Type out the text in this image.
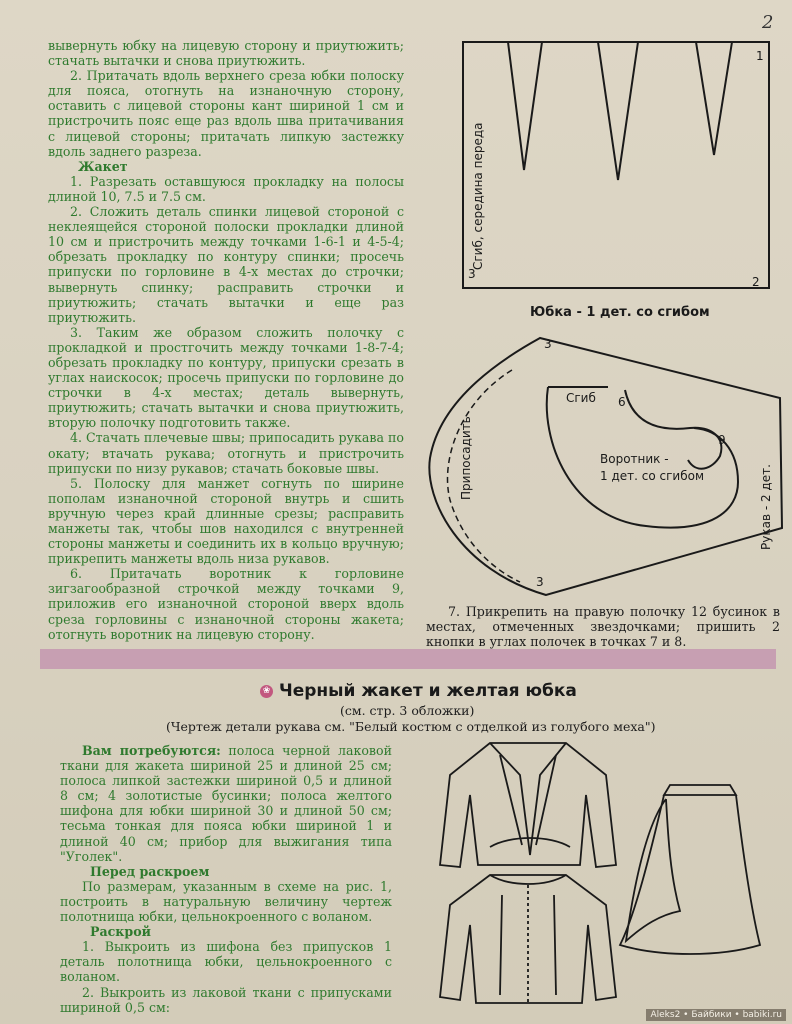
2

вывернуть юбку на лицевую сторону и приутюжить; стачать вытачки и снова приутюжить.

2. Притачать вдоль верхнего среза юбки полоску для пояса, отогнуть на изнаночную сторону, оставить с лицевой стороны кант шириной 1 см и пристрочить пояс еще раз вдоль шва притачивания с лицевой стороны; притачать липкую застежку вдоль заднего разреза.

Жакет

1. Разрезать оставшуюся прокладку на полосы длиной 10, 7.5 и 7.5 см.

2. Сложить деталь спинки лицевой стороной с неклеящейся стороной полоски прокладки длиной 10 см и пристрочить между точками 1-6-1 и 4-5-4; обрезать прокладку по контуру спинки; просечь припуски по горловине в 4-х местах до строчки; вывернуть спинку; расправить строчки и приутюжить; стачать вытачки и еще раз приутюжить.

3. Таким же образом сложить полочку с прокладкой и простгочить между точками 1-8-7-4; обрезать прокладку по контуру, припуски срезать в углах наискосок; просечь припуски по горловине до строчки в 4-х местах; деталь вывернуть, приутюжить; стачать вытачки и снова приутюжить, вторую полочку подготовить также.

4. Стачать плечевые швы; припосадить рукава по окату; втачать рукава; отогнуть и пристрочить припуски по низу рукавов; стачать боковые швы.

5. Полоску для манжет согнуть по ширине пополам изнаночной стороной внутрь и сшить вручную через край длинные срезы; расправить манжеты так, чтобы шов находился с внутренней стороны манжеты и соединить их в кольцо вручную; прикрепить манжеты вдоль низа рукавов.

6. Притачать воротник к горловине зигзагообразной строчкой между точками 9, приложив его изнаночной стороной вверх вдоль среза горловины с изнаночной стороны жакета; отогнуть воротник на лицевую сторону.

7. Прикрепить на правую полочку 12 бусинок в местах, отмеченных звездочками; пришить 2 кнопки в углах полочек в точках 7 и 8.

3
2
1
Сгиб, середина переда
Юбка - 1 дет. со сгибом
3
3
Припосадить
Рукав - 2 дет.
Сгиб 6
9
Воротник -
1 дет. со сгибом
❀ Черный жакет и желтая юбка
(см. стр. 3 обложки)
(Чертеж детали рукава см. "Белый костюм с отделкой из голубого меха")

Вам потребуются: полоса черной лаковой ткани для жакета шириной 25 и длиной 25 см; полоса липкой застежки шириной 0,5 и длиной 8 см; 4 золотистые бусинки; полоса желтого шифона для юбки шириной 30 и длиной 50 см; тесьма тонкая для пояса юбки шириной 1 и длиной 40 см; прибор для выжигания типа "Уголек".

Перед раскроем

По размерам, указанным в схеме на рис. 1, построить в натуральную величину чертеж полотнища юбки, цельнокроенного с воланом.

Раскрой

1. Выкроить из шифона без припусков 1 деталь полотнища юбки, цельнокроенного с воланом.

2. Выкроить из лаковой ткани с припусками шириной 0,5 см:

Aleks2 • Байбики • babiki.ru
